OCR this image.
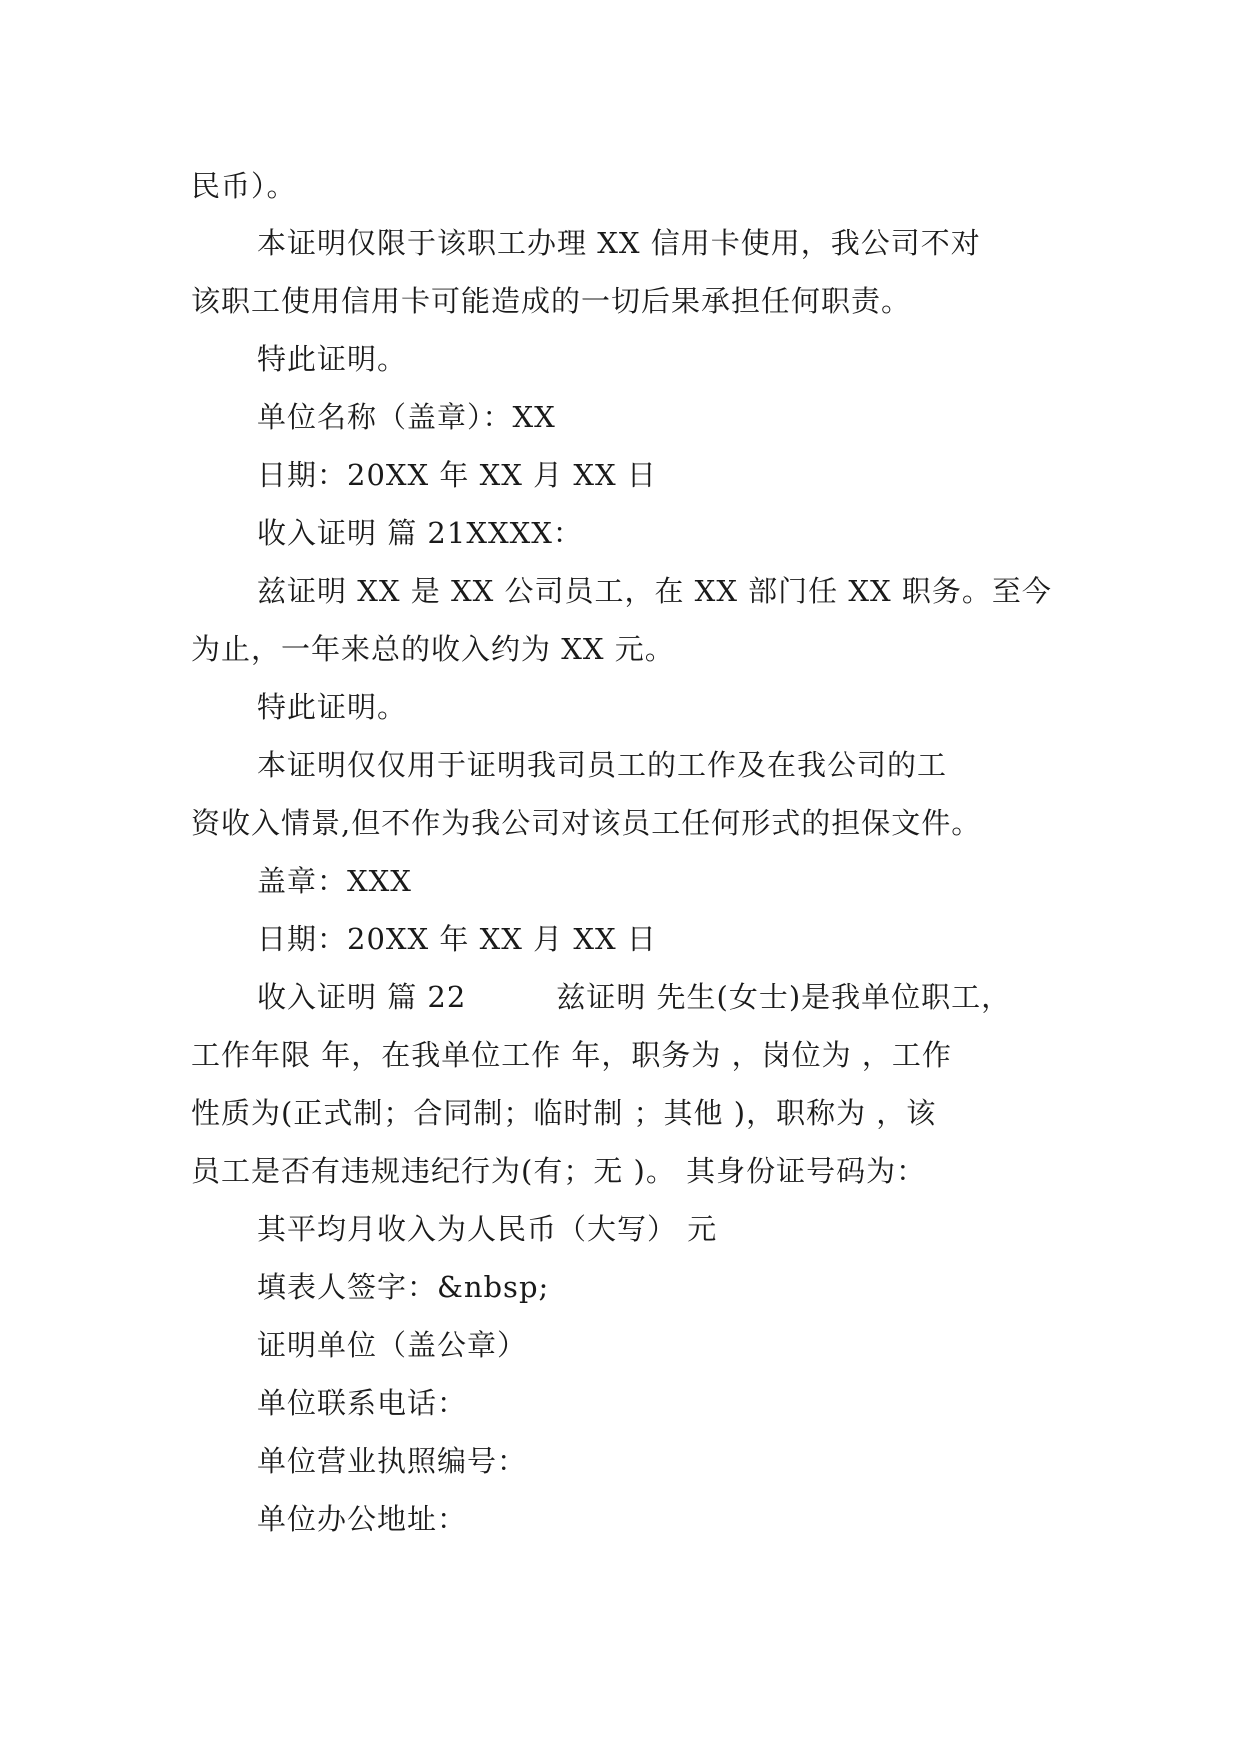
民币）。
本证明仅限于该职工办理 XX 信用卡使用，我公司不对
该职工使用信用卡可能造成的一切后果承担任何职责。
特此证明。
单位名称（盖章）：XX
日期：20XX 年 XX 月 XX 日
收入证明 篇 21XXXX：
兹证明 XX 是 XX 公司员工，在 XX 部门任 XX 职务。至今
为止，一年来总的收入约为 XX 元。
特此证明。
本证明仅仅用于证明我司员工的工作及在我公司的工
资收入情景,但不作为我公司对该员工任何形式的担保文件。
盖章：XXX
日期：20XX 年 XX 月 XX 日
收入证明 篇 22　　　兹证明 先生(女士)是我单位职工，
工作年限 年，在我单位工作 年，职务为 ，岗位为 ，工作
性质为(正式制；合同制；临时制 ；其他 )，职称为 ，该
员工是否有违规违纪行为(有；无 )。 其身份证号码为：
其平均月收入为人民币（大写） 元
填表人签字：&nbsp;
证明单位（盖公章）
单位联系电话：
单位营业执照编号：
单位办公地址：
